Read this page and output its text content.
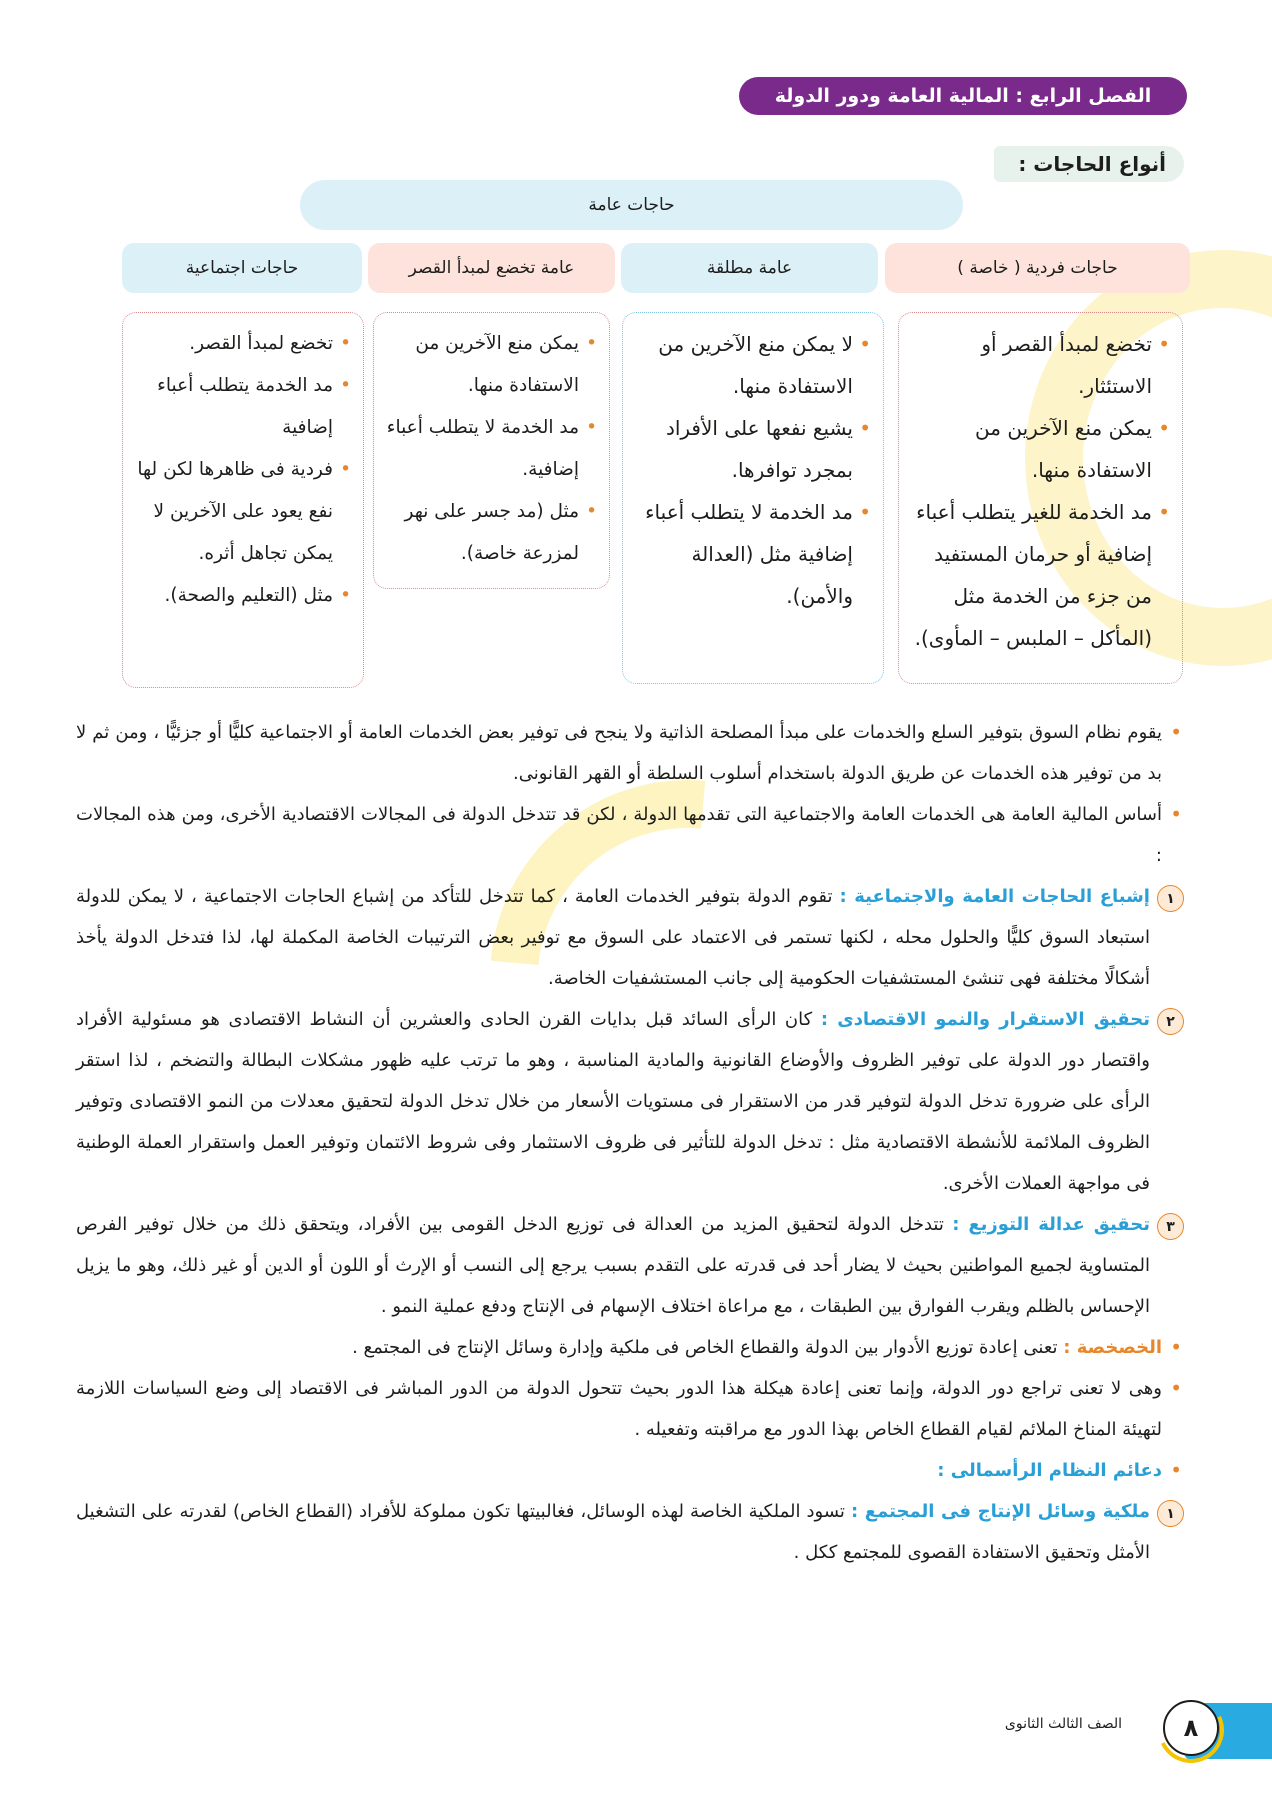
الفصل الرابع : المالية العامة ودور الدولة
أنواع الحاجات :
حاجات عامة
حاجات فردية ( خاصة )
عامة مطلقة
عامة تخضع لمبدأ القصر
حاجات اجتماعية
• تخضع لمبدأ القصر أو الاستئثار.
• يمكن منع الآخرين من الاستفادة منها.
• مد الخدمة للغير يتطلب أعباء إضافية أو حرمان المستفيد من جزء من الخدمة مثل (المأكل – الملبس – المأوى).
• لا يمكن منع الآخرين من الاستفادة منها.
• يشيع نفعها على الأفراد بمجرد توافرها.
• مد الخدمة لا يتطلب أعباء إضافية مثل (العدالة والأمن).
• يمكن منع الآخرين من الاستفادة منها.
• مد الخدمة لا يتطلب أعباء إضافية.
• مثل (مد جسر على نهر لمزرعة خاصة).
• تخضع لمبدأ القصر.
• مد الخدمة يتطلب أعباء إضافية
• فردية فى ظاهرها لكن لها نفع يعود على الآخرين لا يمكن تجاهل أثره.
• مثل (التعليم والصحة).
• يقوم نظام السوق بتوفير السلع والخدمات على مبدأ المصلحة الذاتية ولا ينجح فى توفير بعض الخدمات العامة أو الاجتماعية كليًّا أو جزئيًّا ، ومن ثم لا بد من توفير هذه الخدمات عن طريق الدولة باستخدام أسلوب السلطة أو القهر القانونى.
• أساس المالية العامة هى الخدمات العامة والاجتماعية التى تقدمها الدولة ، لكن قد تتدخل الدولة فى المجالات الاقتصادية الأخرى، ومن هذه المجالات :
١
إشباع الحاجات العامة والاجتماعية : تقوم الدولة بتوفير الخدمات العامة ، كما تتدخل للتأكد من إشباع الحاجات الاجتماعية ، لا يمكن للدولة استبعاد السوق كليًّا والحلول محله ، لكنها تستمر فى الاعتماد على السوق مع توفير بعض الترتيبات الخاصة المكملة لها، لذا فتدخل الدولة يأخذ أشكالًا مختلفة فهى تنشئ المستشفيات الحكومية إلى جانب المستشفيات الخاصة.
٢
تحقيق الاستقرار والنمو الاقتصادى : كان الرأى السائد قبل بدايات القرن الحادى والعشرين أن النشاط الاقتصادى هو مسئولية الأفراد واقتصار دور الدولة على توفير الظروف والأوضاع القانونية والمادية المناسبة ، وهو ما ترتب عليه ظهور مشكلات البطالة والتضخم ، لذا استقر الرأى على ضرورة تدخل الدولة لتوفير قدر من الاستقرار فى مستويات الأسعار من خلال تدخل الدولة لتحقيق معدلات من النمو الاقتصادى وتوفير الظروف الملائمة للأنشطة الاقتصادية مثل : تدخل الدولة للتأثير فى ظروف الاستثمار وفى شروط الائتمان وتوفير العمل واستقرار العملة الوطنية فى مواجهة العملات الأخرى.
٣
تحقيق عدالة التوزيع : تتدخل الدولة لتحقيق المزيد من العدالة فى توزيع الدخل القومى بين الأفراد، ويتحقق ذلك من خلال توفير الفرص المتساوية لجميع المواطنين بحيث لا يضار أحد فى قدرته على التقدم بسبب يرجع إلى النسب أو الإرث أو اللون أو الدين أو غير ذلك، وهو ما يزيل الإحساس بالظلم ويقرب الفوارق بين الطبقات ، مع مراعاة اختلاف الإسهام فى الإنتاج ودفع عملية النمو .
• الخصخصة : تعنى إعادة توزيع الأدوار بين الدولة والقطاع الخاص فى ملكية وإدارة وسائل الإنتاج فى المجتمع .
• وهى لا تعنى تراجع دور الدولة، وإنما تعنى إعادة هيكلة هذا الدور بحيث تتحول الدولة من الدور المباشر فى الاقتصاد إلى وضع السياسات اللازمة لتهيئة المناخ الملائم لقيام القطاع الخاص بهذا الدور مع مراقبته وتفعيله .
• دعائم النظام الرأسمالى :
١
ملكية وسائل الإنتاج فى المجتمع : تسود الملكية الخاصة لهذه الوسائل، فغالبيتها تكون مملوكة للأفراد (القطاع الخاص) لقدرته على التشغيل الأمثل وتحقيق الاستفادة القصوى للمجتمع ككل .
٨
الصف الثالث الثانوى
